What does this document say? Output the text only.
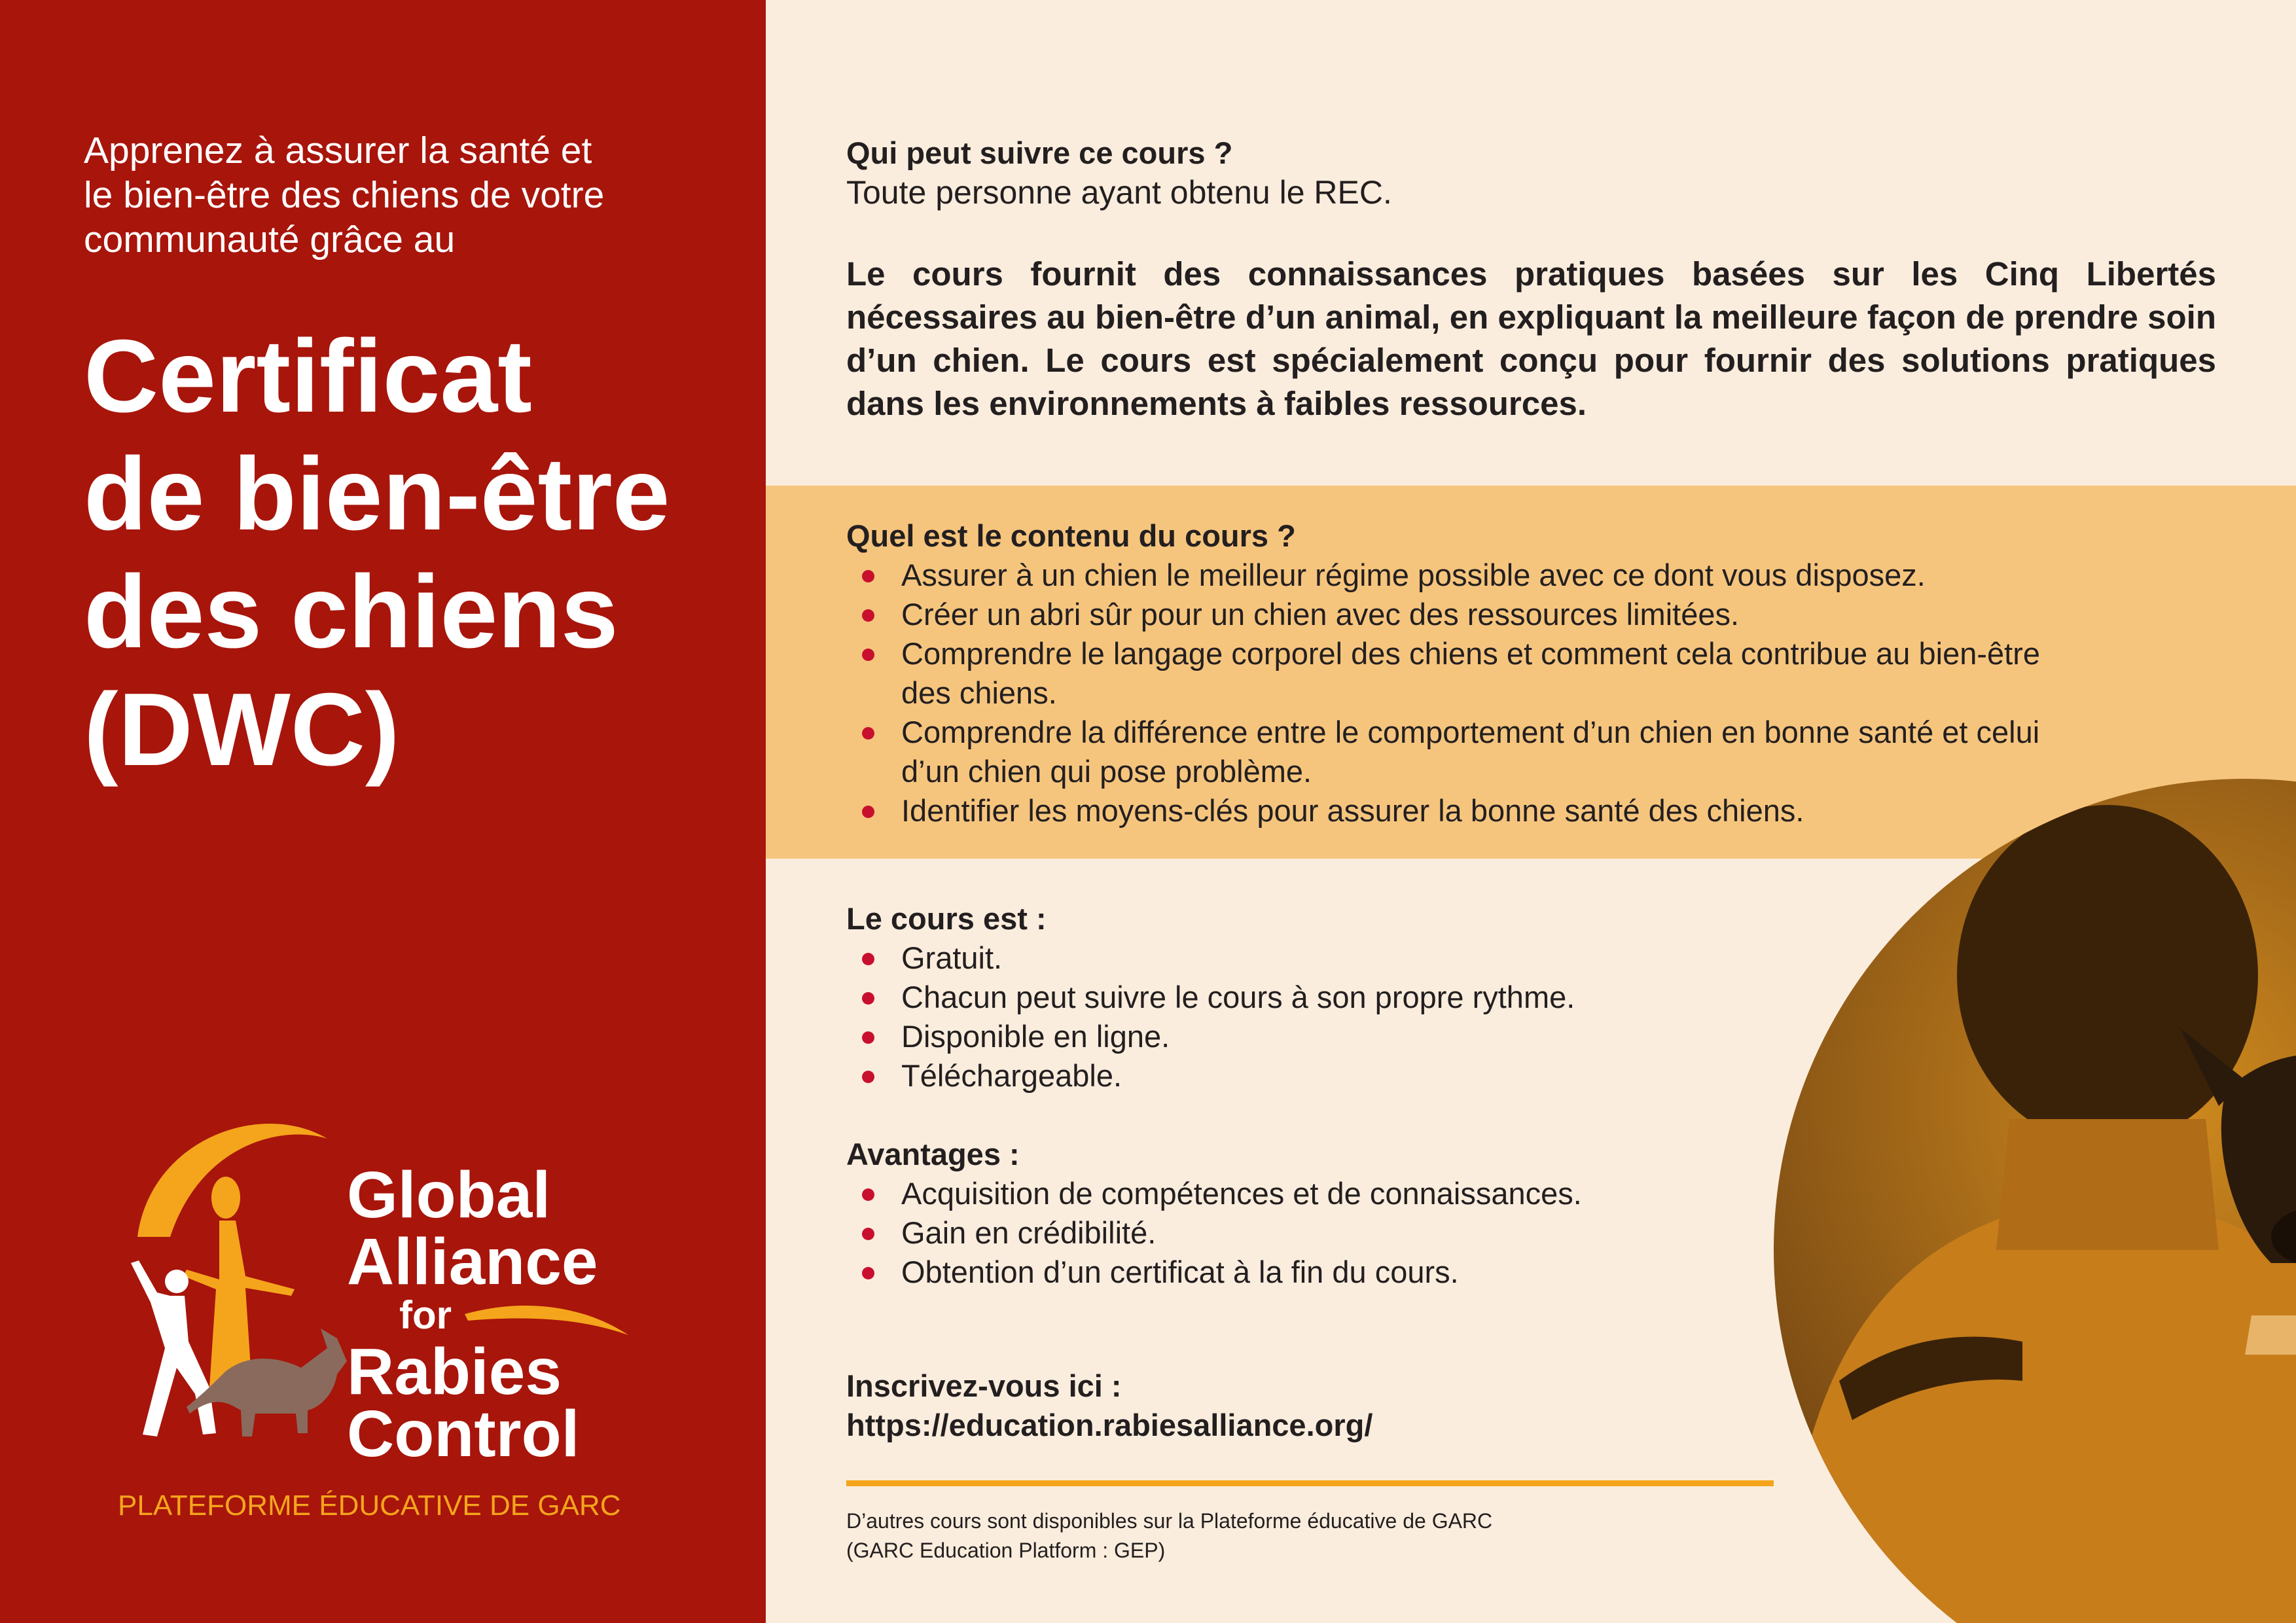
Apprenez à assurer la santé et
le bien-être des chiens de votre
communauté grâce au

Certificat
de bien-être
des chiens
(DWC)
Global
Alliance
for
Rabies
Control

PLATEFORME ÉDUCATIVE DE GARC

Qui peut suivre ce cours ?

Toute personne ayant obtenu le REC.

Le cours fournit des connaissances pratiques basées sur les Cinq Libertés nécessaires au bien-être d’un animal, en expliquant la meilleure façon de prendre soin d’un chien. Le cours est spécialement conçu pour fournir des solutions pratiques dans les environnements à faibles ressources.

Quel est le contenu du cours ?
Assurer à un chien le meilleur régime possible avec ce dont vous disposez.
Créer un abri sûr pour un chien avec des ressources limitées.
Comprendre le langage corporel des chiens et comment cela contribue au bien-être des chiens.
Comprendre la différence entre le comportement d’un chien en bonne santé et celui d’un chien qui pose problème.
Identifier les moyens-clés pour assurer la bonne santé des chiens.
Le cours est :
Gratuit.
Chacun peut suivre le cours à son propre rythme.
Disponible en ligne.
Téléchargeable.
Avantages :
Acquisition de compétences et de connaissances.
Gain en crédibilité.
Obtention d’un certificat à la fin du cours.
Inscrivez-vous ici :
https://education.rabiesalliance.org/

D’autres cours sont disponibles sur la Plateforme éducative de GARC
(GARC Education Platform : GEP)
